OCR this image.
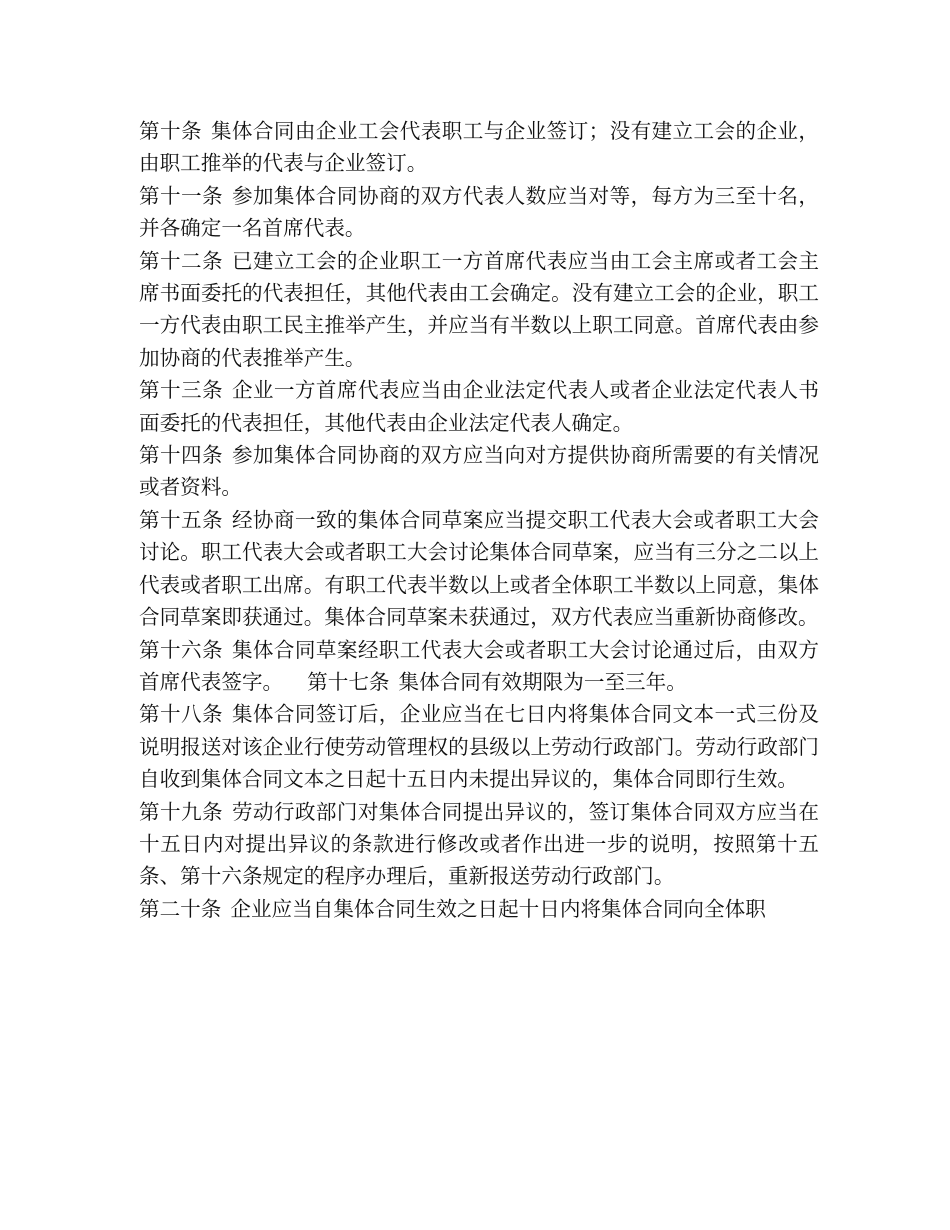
第十条 集体合同由企业工会代表职工与企业签订；没有建立工会的企业，由职工推举的代表与企业签订。

第十一条 参加集体合同协商的双方代表人数应当对等，每方为三至十名，并各确定一名首席代表。

第十二条 已建立工会的企业职工一方首席代表应当由工会主席或者工会主席书面委托的代表担任，其他代表由工会确定。没有建立工会的企业，职工一方代表由职工民主推举产生，并应当有半数以上职工同意。首席代表由参加协商的代表推举产生。

第十三条 企业一方首席代表应当由企业法定代表人或者企业法定代表人书面委托的代表担任，其他代表由企业法定代表人确定。

第十四条 参加集体合同协商的双方应当向对方提供协商所需要的有关情况或者资料。

第十五条 经协商一致的集体合同草案应当提交职工代表大会或者职工大会讨论。职工代表大会或者职工大会讨论集体合同草案，应当有三分之二以上代表或者职工出席。有职工代表半数以上或者全体职工半数以上同意，集体合同草案即获通过。集体合同草案未获通过，双方代表应当重新协商修改。

第十六条 集体合同草案经职工代表大会或者职工大会讨论通过后，由双方首席代表签字。 第十七条 集体合同有效期限为一至三年。

第十八条 集体合同签订后，企业应当在七日内将集体合同文本一式三份及说明报送对该企业行使劳动管理权的县级以上劳动行政部门。劳动行政部门自收到集体合同文本之日起十五日内未提出异议的，集体合同即行生效。

第十九条 劳动行政部门对集体合同提出异议的，签订集体合同双方应当在十五日内对提出异议的条款进行修改或者作出进一步的说明，按照第十五条、第十六条规定的程序办理后，重新报送劳动行政部门。

第二十条 企业应当自集体合同生效之日起十日内将集体合同向全体职
